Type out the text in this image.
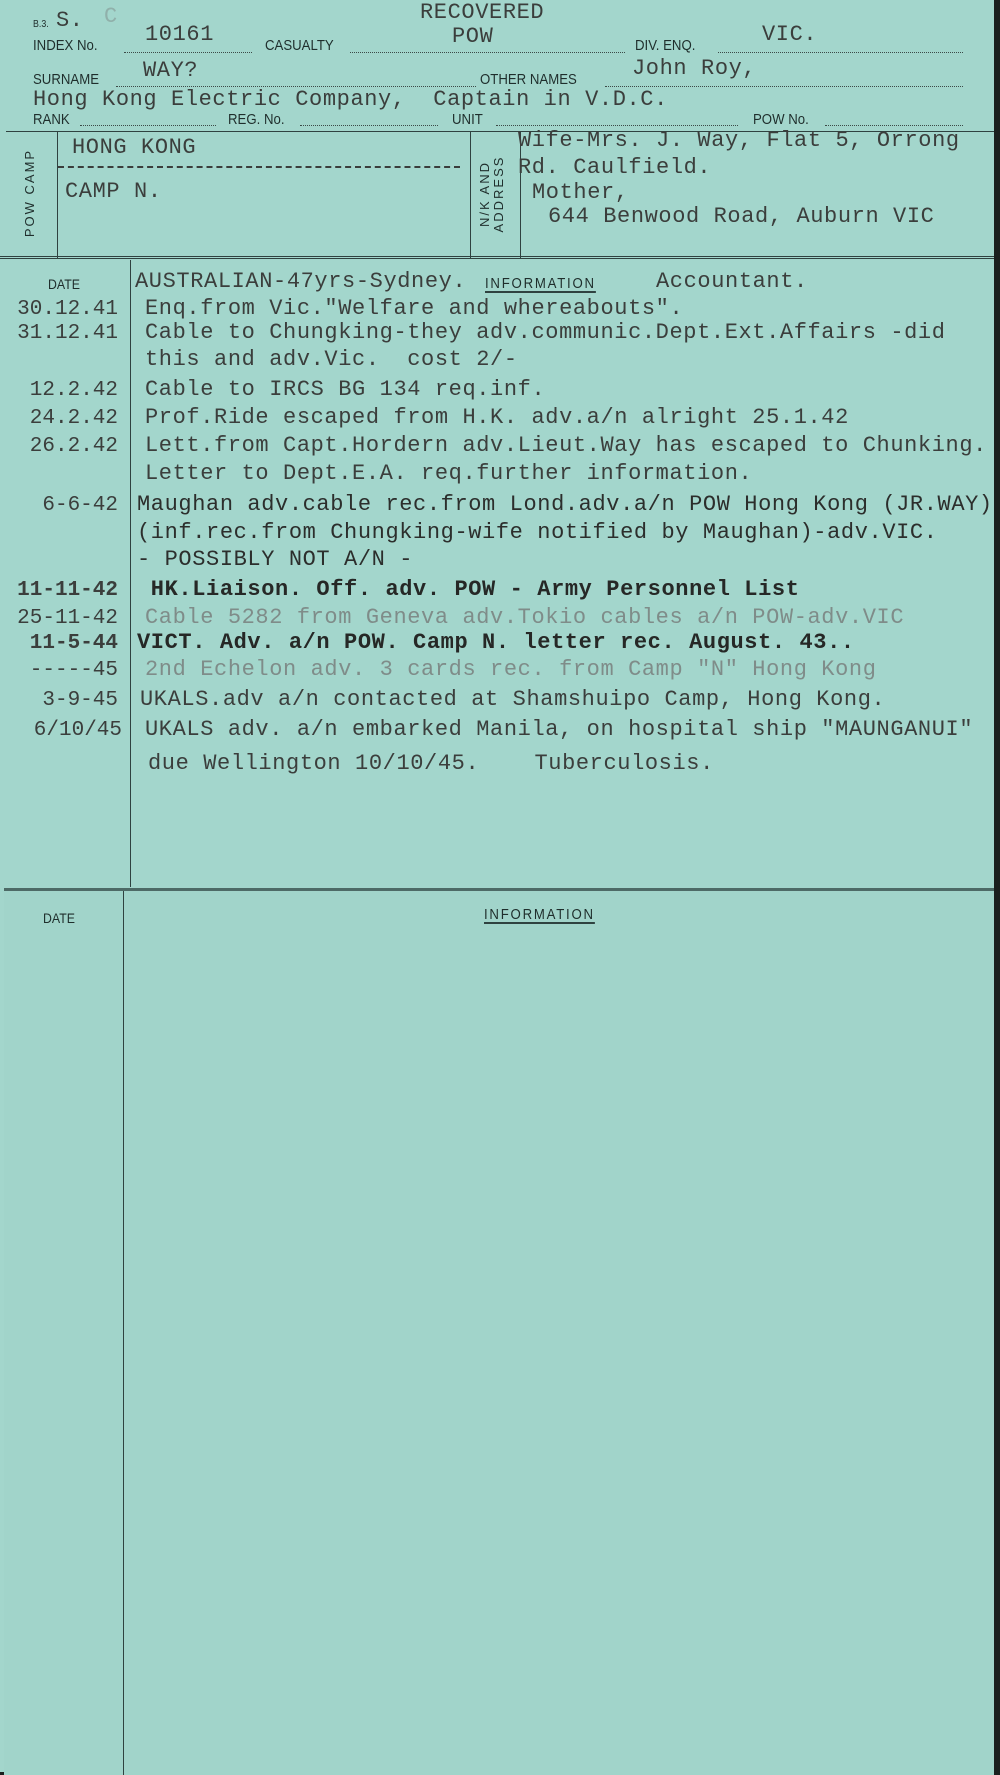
B.3. S. C
INDEX No. 10161	CASUALTY
RECOVERED
POW	DIV. ENQ.	VIC.
SURNAME WAY?	OTHER NAMES	John Roy,
Hong Kong Electric Company,  Captain in V.D.C.
RANK	REG. No.	UNIT	POW No.
POW CAMP
HONG KONG
CAMP N.	N/K AND
ADDRESS
Wife-Mrs. J. Way, Flat 5, Orrong
Rd. Caulfield.
Mother,
644 Benwood Road, Auburn VIC
DATE	AUSTRALIAN-47yrs-Sydney. INFORMATION	Accountant.
30.12.41 Enq.from Vic."Welfare and whereabouts".
31.12.41 Cable to Chungking-they adv.communic.Dept.Ext.Affairs -did
this and adv.Vic.  cost 2/-
12.2.42 Cable to IRCS BG 134 req.inf.
24.2.42 Prof.Ride escaped from H.K. adv.a/n alright 25.1.42
26.2.42 Lett.from Capt.Hordern adv.Lieut.Way has escaped to Chunking.
Letter to Dept.E.A. req.further information.
6-6-42 Maughan adv.cable rec.from Lond.adv.a/n POW Hong Kong (JR.WAY)
(inf.rec.from Chungking-wife notified by Maughan)-adv.VIC.
- POSSIBLY NOT A/N -
11-11-42 HK.Liaison. Off. adv. POW - Army Personnel List
25-11-42 Cable 5282 from Geneva adv.Tokio cables a/n POW-adv.VIC
11-5-44 VICT. Adv. a/n POW. Camp N. letter rec. August. 43..
-----45 2nd Echelon adv. 3 cards rec. from Camp "N" Hong Kong
3-9-45 UKALS.adv a/n contacted at Shamshuipo Camp, Hong Kong.
6/10/45 UKALS adv. a/n embarked Manila, on hospital ship "MAUNGANUI"
due Wellington 10/10/45.    Tuberculosis.
DATE	INFORMATION
